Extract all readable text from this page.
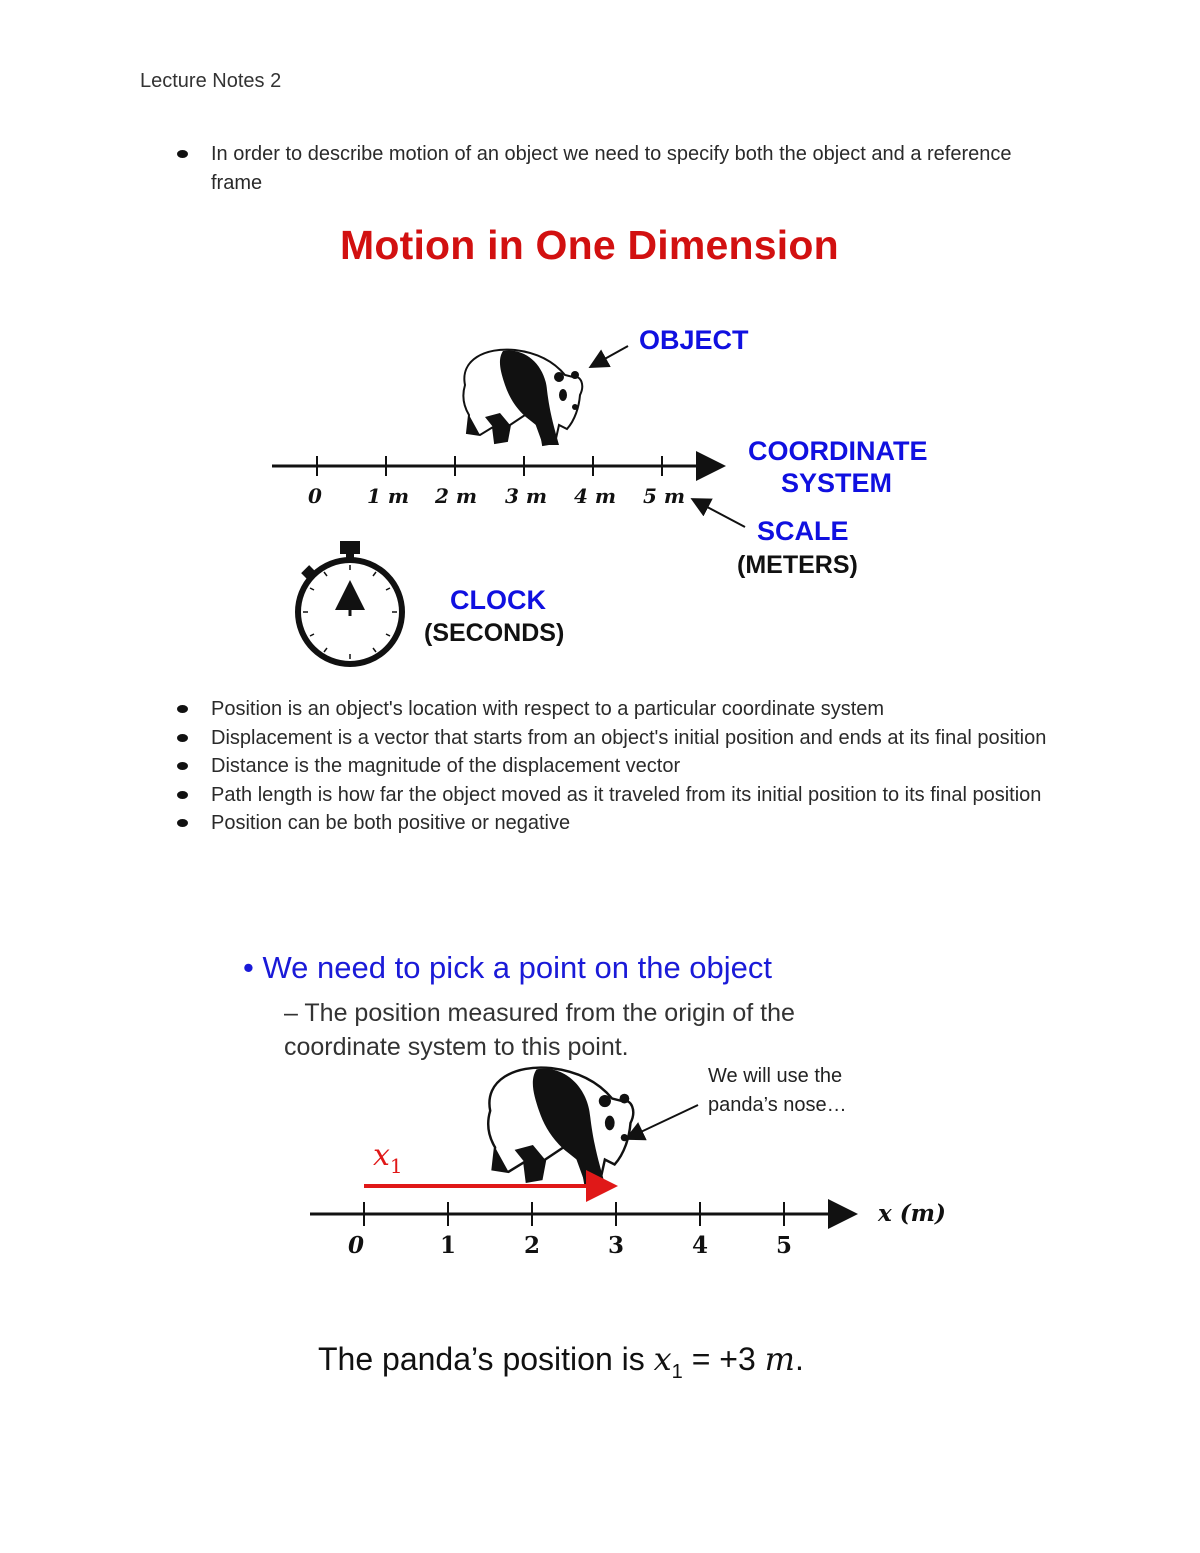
Lecture Notes 2
In order to describe motion of an object we need to specify both the object and a reference frame
Motion in One Dimension
0 1 m 2 m 3 m 4 m 5 m
OBJECT
COORDINATE
SYSTEM
SCALE
(METERS)
CLOCK
(SECONDS)
Position is an object's location with respect to a particular coordinate system
Displacement is a vector that starts from an object's initial position and ends at its final position
Distance is the magnitude of the displacement vector
Path length is how far the object moved as it traveled from its initial position to its final position
Position can be both positive or negative
• We need to pick a point on the object
– The position measured from the origin of the coordinate system to this point.
We will use the
panda’s nose…
$x_1$
0	1	2	3	4	5
x (m)
The panda’s position is $x_1 = +3$ m.
